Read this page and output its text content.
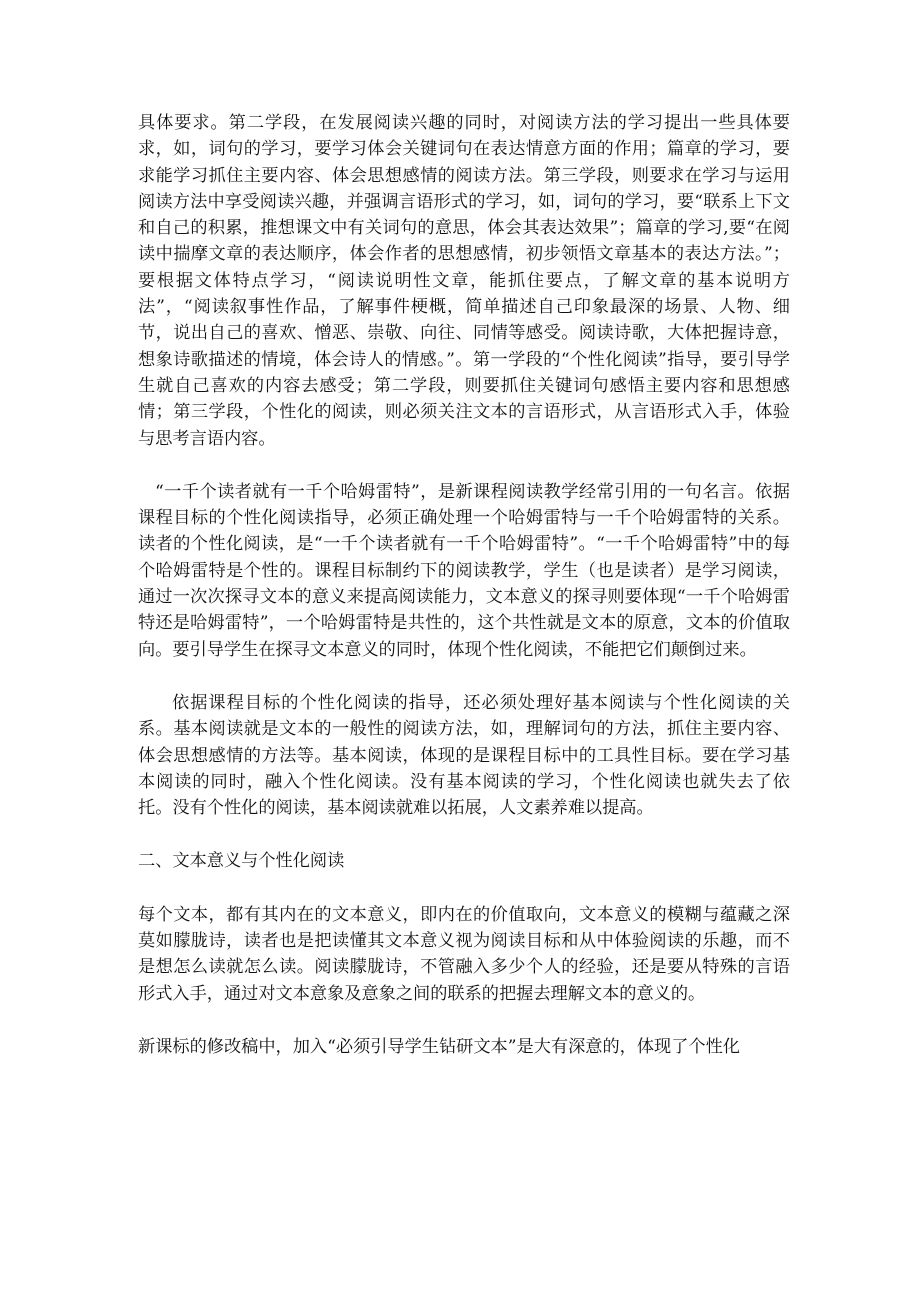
具体要求。第二学段，在发展阅读兴趣的同时，对阅读方法的学习提出一些具体要求，如，词句的学习，要学习体会关键词句在表达情意方面的作用；篇章的学习，要求能学习抓住主要内容、体会思想感情的阅读方法。第三学段，则要求在学习与运用阅读方法中享受阅读兴趣，并强调言语形式的学习，如，词句的学习，要“联系上下文和自己的积累，推想课文中有关词句的意思，体会其表达效果”；篇章的学习,要“在阅读中揣摩文章的表达顺序，体会作者的思想感情，初步领悟文章基本的表达方法。”；要根据文体特点学习，“阅读说明性文章，能抓住要点，了解文章的基本说明方法”，“阅读叙事性作品，了解事件梗概，简单描述自己印象最深的场景、人物、细节，说出自己的喜欢、憎恶、崇敬、向往、同情等感受。阅读诗歌，大体把握诗意，想象诗歌描述的情境，体会诗人的情感。”。第一学段的“个性化阅读”指导，要引导学生就自己喜欢的内容去感受；第二学段，则要抓住关键词句感悟主要内容和思想感情；第三学段，个性化的阅读，则必须关注文本的言语形式，从言语形式入手，体验与思考言语内容。

“一千个读者就有一千个哈姆雷特”，是新课程阅读教学经常引用的一句名言。依据课程目标的个性化阅读指导，必须正确处理一个哈姆雷特与一千个哈姆雷特的关系。读者的个性化阅读，是“一千个读者就有一千个哈姆雷特”。“一千个哈姆雷特”中的每个哈姆雷特是个性的。课程目标制约下的阅读教学，学生（也是读者）是学习阅读，通过一次次探寻文本的意义来提高阅读能力，文本意义的探寻则要体现“一千个哈姆雷特还是哈姆雷特”，一个哈姆雷特是共性的，这个共性就是文本的原意，文本的价值取向。要引导学生在探寻文本意义的同时，体现个性化阅读，不能把它们颠倒过来。

依据课程目标的个性化阅读的指导，还必须处理好基本阅读与个性化阅读的关系。基本阅读就是文本的一般性的阅读方法，如，理解词句的方法，抓住主要内容、体会思想感情的方法等。基本阅读，体现的是课程目标中的工具性目标。要在学习基本阅读的同时，融入个性化阅读。没有基本阅读的学习，个性化阅读也就失去了依托。没有个性化的阅读，基本阅读就难以拓展，人文素养难以提高。

二、文本意义与个性化阅读

每个文本，都有其内在的文本意义，即内在的价值取向，文本意义的模糊与蕴藏之深莫如朦胧诗，读者也是把读懂其文本意义视为阅读目标和从中体验阅读的乐趣，而不是想怎么读就怎么读。阅读朦胧诗，不管融入多少个人的经验，还是要从特殊的言语形式入手，通过对文本意象及意象之间的联系的把握去理解文本的意义的。

新课标的修改稿中，加入“必须引导学生钻研文本”是大有深意的，体现了个性化
